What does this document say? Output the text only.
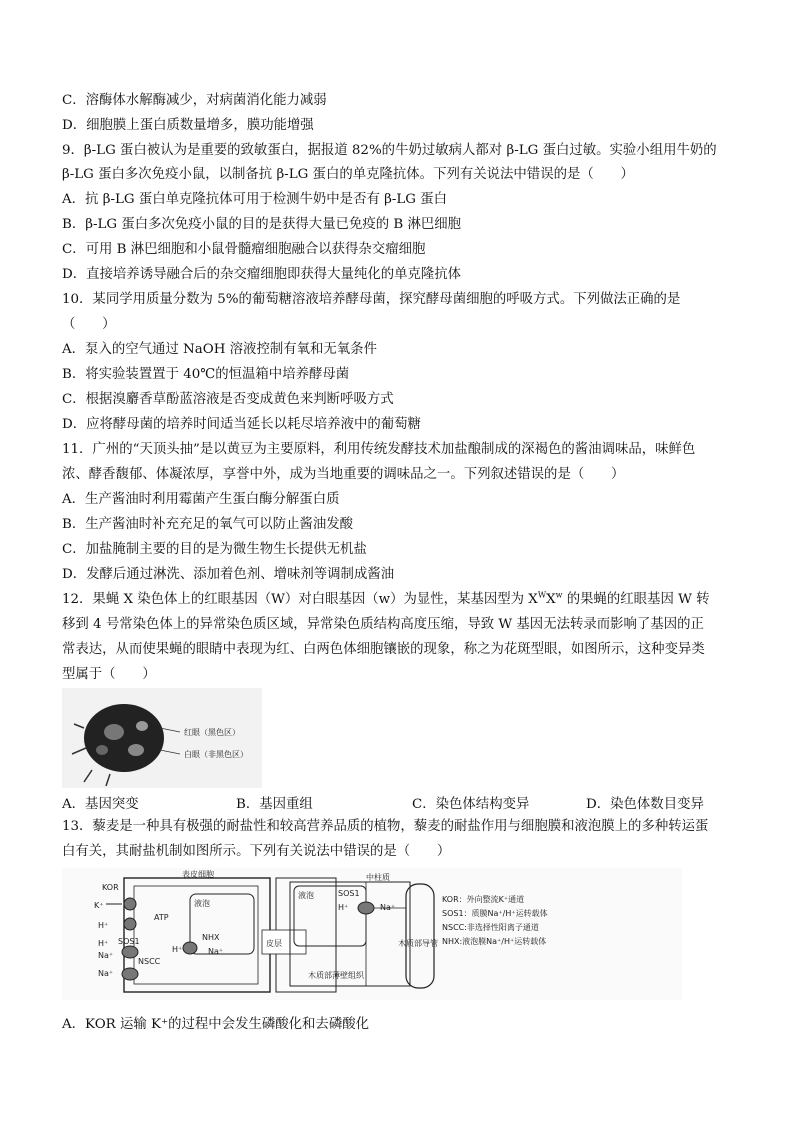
C．溶酶体水解酶减少，对病菌消化能力减弱
D．细胞膜上蛋白质数量增多，膜功能增强
9．β-LG 蛋白被认为是重要的致敏蛋白，据报道 82%的牛奶过敏病人都对 β-LG 蛋白过敏。实验小组用牛奶的
β-LG 蛋白多次免疫小鼠，以制备抗 β-LG 蛋白的单克隆抗体。下列有关说法中错误的是（　　）
A．抗 β-LG 蛋白单克隆抗体可用于检测牛奶中是否有 β-LG 蛋白
B．β-LG 蛋白多次免疫小鼠的目的是获得大量已免疫的 B 淋巴细胞
C．可用 B 淋巴细胞和小鼠骨髓瘤细胞融合以获得杂交瘤细胞
D．直接培养诱导融合后的杂交瘤细胞即获得大量纯化的单克隆抗体
10．某同学用质量分数为 5%的葡萄糖溶液培养酵母菌，探究酵母菌细胞的呼吸方式。下列做法正确的是
（　　）
A．泵入的空气通过 NaOH 溶液控制有氧和无氧条件
B．将实验装置置于 40℃的恒温箱中培养酵母菌
C．根据溴麝香草酚蓝溶液是否变成黄色来判断呼吸方式
D．应将酵母菌的培养时间适当延长以耗尽培养液中的葡萄糖
11．广州的“天顶头抽”是以黄豆为主要原料，利用传统发酵技术加盐酿制成的深褐色的酱油调味品，味鲜色
浓、酵香馥郁、体凝浓厚，享誉中外，成为当地重要的调味品之一。下列叙述错误的是（　　）
A．生产酱油时利用霉菌产生蛋白酶分解蛋白质
B．生产酱油时补充充足的氧气可以防止酱油发酸
C．加盐腌制主要的目的是为微生物生长提供无机盐
D．发酵后通过淋洗、添加着色剂、增味剂等调制成酱油
12．果蝇 X 染色体上的红眼基因（W）对白眼基因（w）为显性，某基因型为 $X^WX^w$ 的果蝇的红眼基因 W 转
移到 4 号常染色体上的异常染色质区域，异常染色质结构高度压缩，导致 W 基因无法转录而影响了基因的正
常表达，从而使果蝇的眼睛中表现为红、白两色体细胞镶嵌的现象，称之为花斑型眼，如图所示，这种变异类
型属于（　　）
红眼（黑色区）
白眼（非黑色区）
A．基因突变	B．基因重组	C．染色体结构变异	D．染色体数目变异
13．藜麦是一种具有极强的耐盐性和较高营养品质的植物，藜麦的耐盐作用与细胞膜和液泡膜上的多种转运蛋
白有关，其耐盐机制如图所示。下列有关说法中错误的是（　　）
表皮细胞
液泡
皮层
液泡
木质部薄壁组织
中柱质
木质部导管
KOR
K⁺
H⁺
ATP
H⁺
Na⁺
SOS1
Na⁺
NSCC
NHX
H⁺	Na⁺
SOS1
H⁺	Na⁺
KOR：外向整流K⁺通道
SOS1：质膜Na⁺/H⁺运转载体
NSCC:非选择性阳离子通道
NHX:液泡膜Na⁺/H⁺运转载体
A．KOR 运输 K⁺的过程中会发生磷酸化和去磷酸化
